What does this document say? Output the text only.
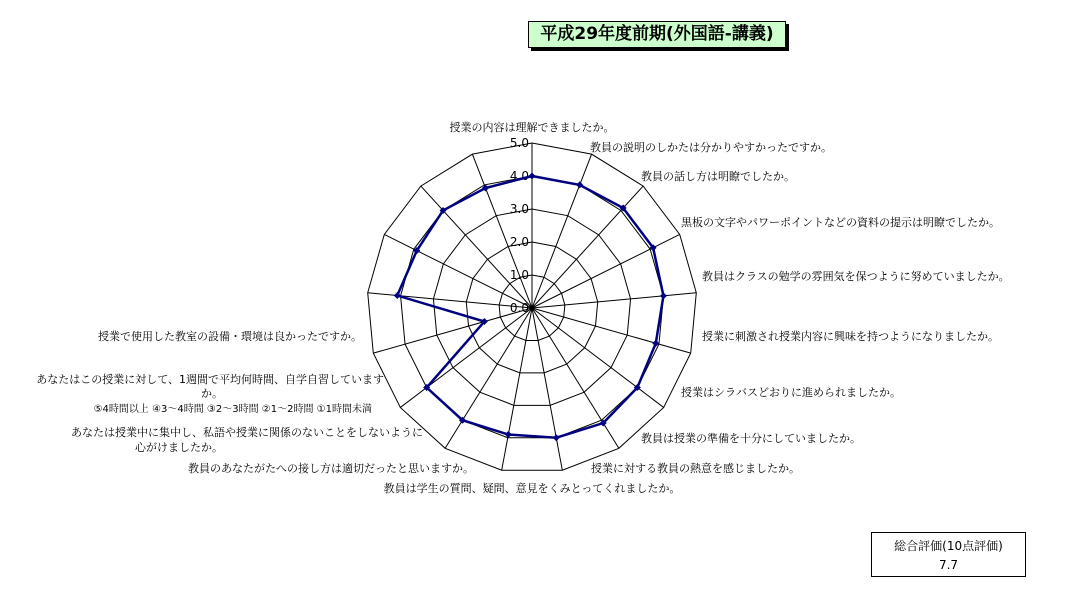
平成29年度前期(外国語-講義)
0.0
1.0
2.0
3.0
4.0
5.0
授業の内容は理解できましたか。
教員の説明のしかたは分かりやすかったですか。
教員の話し方は明瞭でしたか。
黒板の文字やパワーポイントなどの資料の提示は明瞭でしたか。
教員はクラスの勉学の雰囲気を保つように努めていましたか。
授業に刺激され授業内容に興味を持つようになりましたか。
授業はシラバスどおりに進められましたか。
教員は授業の準備を十分にしていましたか。
授業に対する教員の熱意を感じましたか。
教員は学生の質問、疑問、意見をくみとってくれましたか。
教員のあなたがたへの接し方は適切だったと思いますか。
あなたは授業中に集中し、私語や授業に関係のないことをしないように
心がけましたか。
あなたはこの授業に対して、1週間で平均何時間、自学自習しています
か。
授業で使用した教室の設備・環境は良かったですか。
⑤4時間以上 ④3～4時間 ③2～3時間 ②1～2時間 ①1時間未満
総合評価(10点評価)
7.7
